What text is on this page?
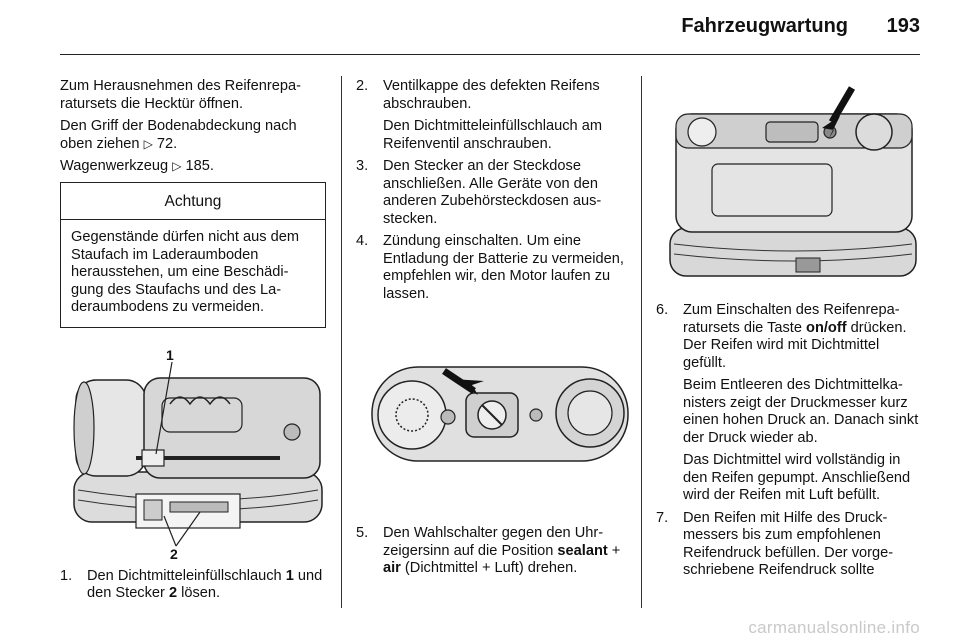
Fahrzeugwartung 193

Zum Herausnehmen des Reifenreparatursets die Hecktür öffnen.

Den Griff der Bodenabdeckung nach oben ziehen ▷ 72.

Wagenwerkzeug ▷ 185.

Achtung
Gegenstände dürfen nicht aus dem Staufach im Laderaumboden herausstehen, um eine Beschädigung des Staufachs und des Laderaumbodens zu vermeiden.
1
2
1. Den Dichtmitteleinfüllschlauch 1 und den Stecker 2 lösen.

2. Ventilkappe des defekten Reifens abschrauben.

Den Dichtmitteleinfüllschlauch am Reifenventil anschrauben.

3. Den Stecker an der Steckdose anschließen. Alle Geräte von den anderen Zubehörsteckdosen ausstecken.

4. Zündung einschalten. Um eine Entladung der Batterie zu vermeiden, empfehlen wir, den Motor laufen zu lassen.

5. Den Wahlschalter gegen den Uhrzeigersinn auf die Position sealant + air (Dichtmittel + Luft) drehen.

6. Zum Einschalten des Reifenreparatursets die Taste on/off drücken. Der Reifen wird mit Dichtmittel gefüllt.

Beim Entleeren des Dichtmittelkanisters zeigt der Druckmesser kurz einen hohen Druck an. Danach sinkt der Druck wieder ab.

Das Dichtmittel wird vollständig in den Reifen gepumpt. Anschließend wird der Reifen mit Luft befüllt.

7. Den Reifen mit Hilfe des Druckmessers bis zum empfohlenen Reifendruck befüllen. Der vorgeschriebene Reifendruck sollte

carmanualsonline.info
